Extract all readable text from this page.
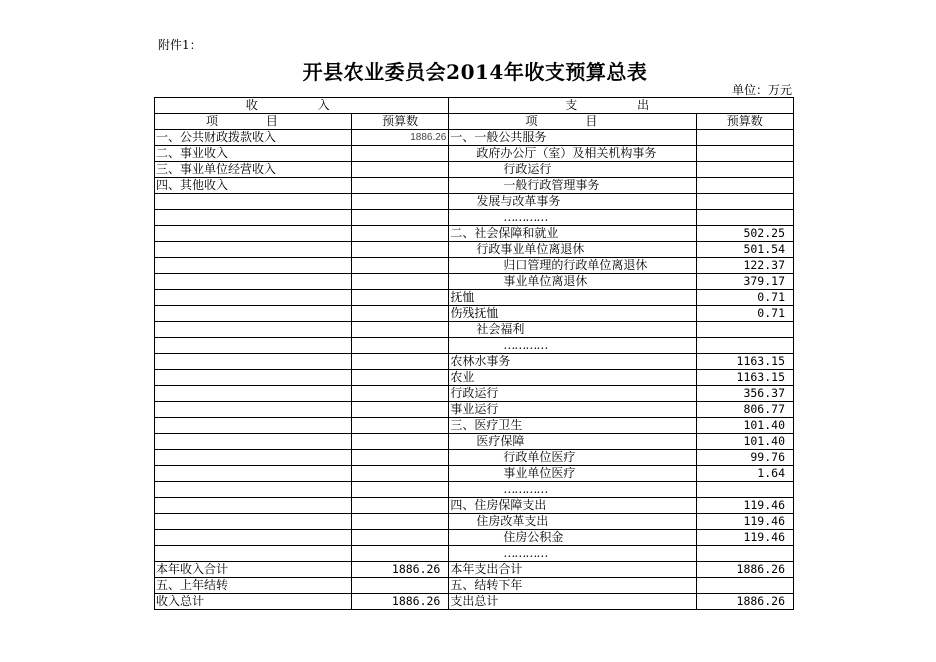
附件1：
开县农业委员会2014年收支预算总表
单位：万元
收 入		支 出	
项 目	预算数	项 目	预算数
一、公共财政拨款收入	1886.26	一、一般公共服务	
二、事业收入		政府办公厅（室）及相关机构事务	
三、事业单位经营收入		行政运行	
四、其他收入		一般行政管理事务	
		发展与改革事务	
		…………	
		二、社会保障和就业	502.25
		行政事业单位离退休	501.54
		归口管理的行政单位离退休	122.37
		事业单位离退休	379.17
		抚恤	0.71
		伤残抚恤	0.71
		社会福利	
		…………	
		农林水事务	1163.15
		农业	1163.15
		行政运行	356.37
		事业运行	806.77
		三、医疗卫生	101.40
		医疗保障	101.40
		行政单位医疗	99.76
		事业单位医疗	1.64
		…………	
		四、住房保障支出	119.46
		住房改革支出	119.46
		住房公积金	119.46
		…………	
本年收入合计	1886.26	本年支出合计	1886.26
五、上年结转		五、结转下年	
收入总计	1886.26	支出总计	1886.26
